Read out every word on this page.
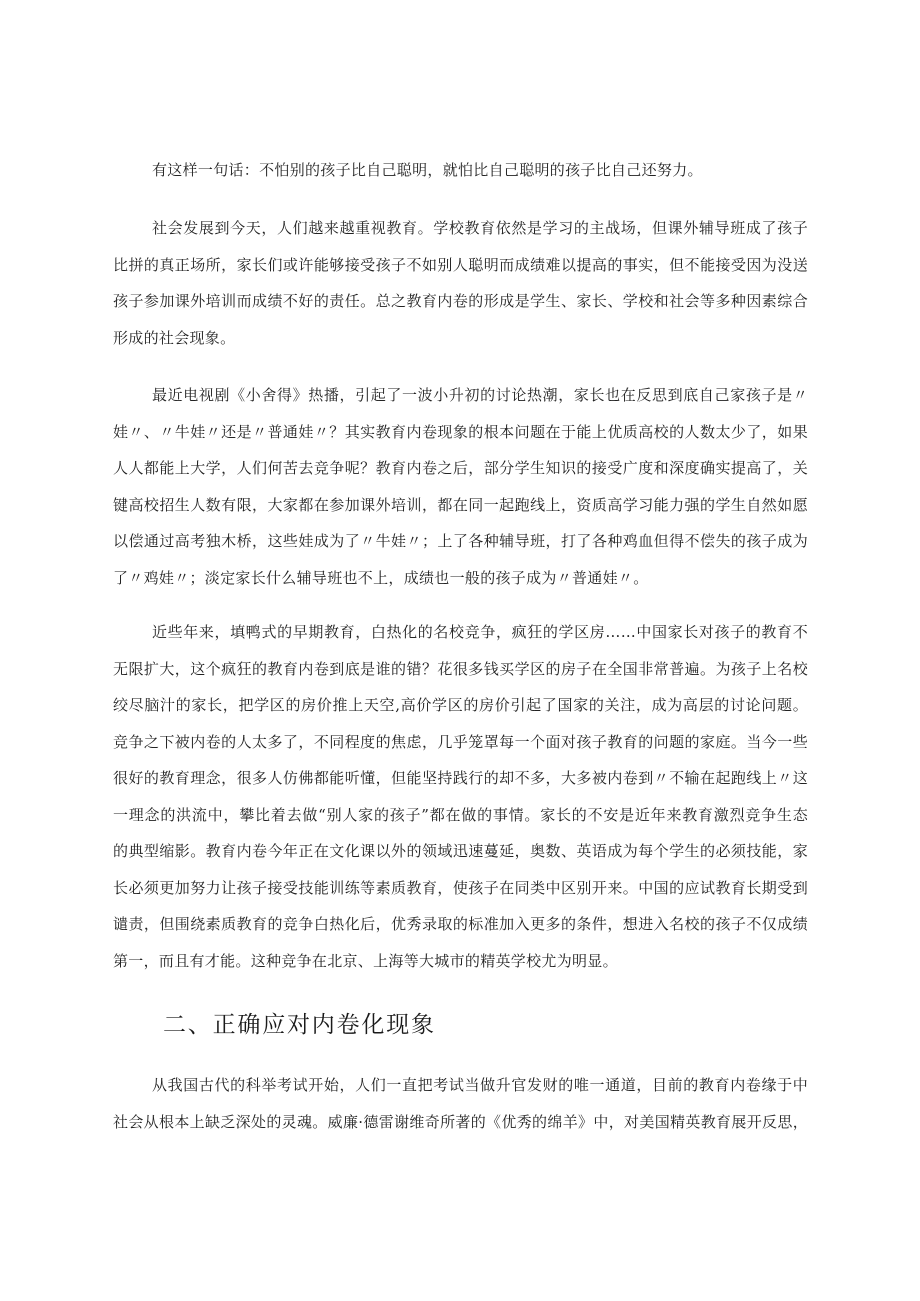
有这样一句话：不怕别的孩子比自己聪明，就怕比自己聪明的孩子比自己还努力。
社会发展到今天，人们越来越重视教育。学校教育依然是学习的主战场，但课外辅导班成了孩子
比拼的真正场所，家长们或许能够接受孩子不如别人聪明而成绩难以提高的事实，但不能接受因为没送
孩子参加课外培训而成绩不好的责任。总之教育内卷的形成是学生、家长、学校和社会等多种因素综合
形成的社会现象。
最近电视剧《小舍得》热播，引起了一波小升初的讨论热潮，家长也在反思到底自己家孩子是〃
娃〃、〃牛娃〃还是〃普通娃〃？其实教育内卷现象的根本问题在于能上优质高校的人数太少了，如果
人人都能上大学，人们何苦去竞争呢？教育内卷之后，部分学生知识的接受广度和深度确实提高了，关
键高校招生人数有限，大家都在参加课外培训，都在同一起跑线上，资质高学习能力强的学生自然如愿
以偿通过高考独木桥，这些娃成为了〃牛娃〃；上了各种辅导班，打了各种鸡血但得不偿失的孩子成为
了〃鸡娃〃；淡定家长什么辅导班也不上，成绩也一般的孩子成为〃普通娃〃。
近些年来，填鸭式的早期教育，白热化的名校竞争，疯狂的学区房……中国家长对孩子的教育不
无限扩大，这个疯狂的教育内卷到底是谁的错？花很多钱买学区的房子在全国非常普遍。为孩子上名校
绞尽脑汁的家长，把学区的房价推上天空,高价学区的房价引起了国家的关注，成为高层的讨论问题。
竞争之下被内卷的人太多了，不同程度的焦虑，几乎笼罩每一个面对孩子教育的问题的家庭。当今一些
很好的教育理念，很多人仿佛都能听懂，但能坚持践行的却不多，大多被内卷到〃不输在起跑线上〃这
一理念的洪流中，攀比着去做“别人家的孩子”都在做的事情。家长的不安是近年来教育激烈竞争生态
的典型缩影。教育内卷今年正在文化课以外的领域迅速蔓延，奥数、英语成为每个学生的必须技能，家
长必须更加努力让孩子接受技能训练等素质教育，使孩子在同类中区别开来。中国的应试教育长期受到
谴责，但围绕素质教育的竞争白热化后，优秀录取的标准加入更多的条件，想进入名校的孩子不仅成绩
第一，而且有才能。这种竞争在北京、上海等大城市的精英学校尤为明显。
二、正确应对内卷化现象
从我国古代的科举考试开始，人们一直把考试当做升官发财的唯一通道，目前的教育内卷缘于中
社会从根本上缺乏深处的灵魂。威廉·德雷谢维奇所著的《优秀的绵羊》中，对美国精英教育展开反思，
